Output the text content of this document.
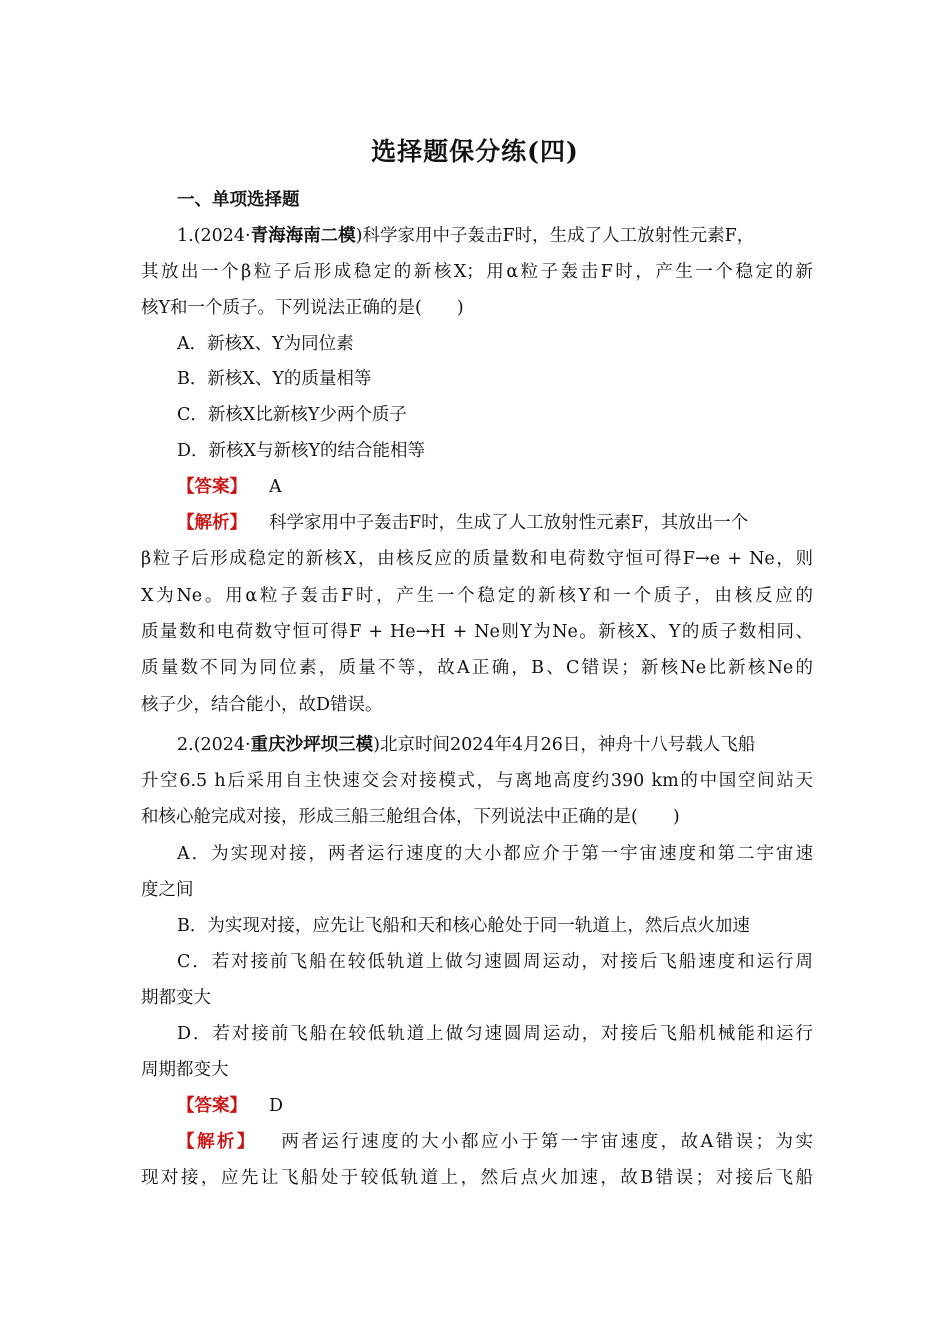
选择题保分练(四)
一、单项选择题
1.(2024·青海海南二模)科学家用中子轰击F时，生成了人工放射性元素F，
其放出一个β粒子后形成稳定的新核X；用α粒子轰击F时，产生一个稳定的新
核Y和一个质子。下列说法正确的是(　　)
A．新核X、Y为同位素
B．新核X、Y的质量相等
C．新核X比新核Y少两个质子
D．新核X与新核Y的结合能相等
【答案】 A
【解析】 科学家用中子轰击F时，生成了人工放射性元素F，其放出一个
β粒子后形成稳定的新核X，由核反应的质量数和电荷数守恒可得F→e + Ne，则
X为Ne。用α粒子轰击F时，产生一个稳定的新核Y和一个质子，由核反应的
质量数和电荷数守恒可得F + He→H + Ne则Y为Ne。新核X、Y的质子数相同、
质量数不同为同位素，质量不等，故A正确，B、C错误；新核Ne比新核Ne的
核子少，结合能小，故D错误。
2.(2024·重庆沙坪坝三模)北京时间2024年4月26日，神舟十八号载人飞船
升空6.5 h后采用自主快速交会对接模式，与离地高度约390 km的中国空间站天
和核心舱完成对接，形成三船三舱组合体，下列说法中正确的是(　　)
A．为实现对接，两者运行速度的大小都应介于第一宇宙速度和第二宇宙速
度之间
B．为实现对接，应先让飞船和天和核心舱处于同一轨道上，然后点火加速
C．若对接前飞船在较低轨道上做匀速圆周运动，对接后飞船速度和运行周
期都变大
D．若对接前飞船在较低轨道上做匀速圆周运动，对接后飞船机械能和运行
周期都变大
【答案】 D
【解析】 两者运行速度的大小都应小于第一宇宙速度，故A错误；为实
现对接，应先让飞船处于较低轨道上，然后点火加速，故B错误；对接后飞船
